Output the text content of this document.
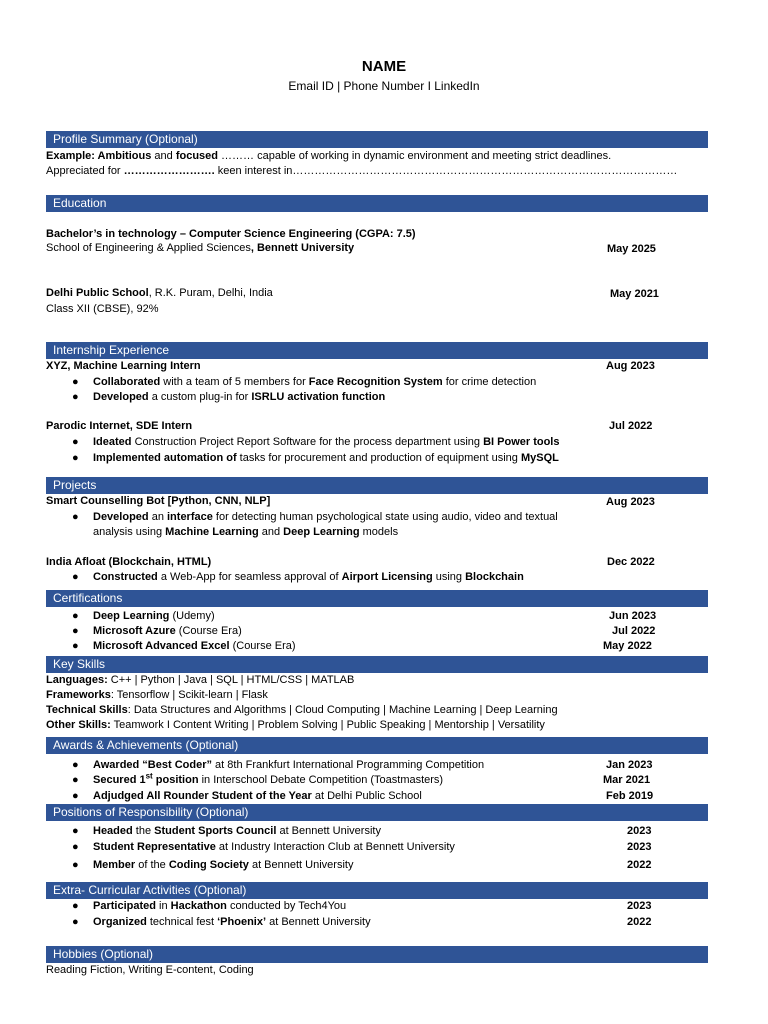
NAME
Email ID | Phone Number I LinkedIn
Profile Summary (Optional)
Example: Ambitious and focused ……… capable of working in dynamic environment and meeting strict deadlines.
Appreciated for ……………………. keen interest in……………………………………………………………………………………………
Education
Bachelor’s in technology – Computer Science Engineering (CGPA: 7.5)
School of Engineering & Applied Sciences, Bennett University	May 2025
Delhi Public School, R.K. Puram, Delhi, India	May 2021
Class XII (CBSE), 92%
Internship Experience
XYZ, Machine Learning Intern	Aug 2023
● Collaborated with a team of 5 members for Face Recognition System for crime detection
● Developed a custom plug-in for ISRLU activation function
Parodic Internet, SDE Intern	Jul 2022
● Ideated Construction Project Report Software for the process department using BI Power tools
● Implemented automation of tasks for procurement and production of equipment using MySQL
Projects
Smart Counselling Bot [Python, CNN, NLP]	Aug 2023
● Developed an interface for detecting human psychological state using audio, video and textual
analysis using Machine Learning and Deep Learning models
India Afloat (Blockchain, HTML)	Dec 2022
● Constructed a Web-App for seamless approval of Airport Licensing using Blockchain
Certifications
● Deep Learning (Udemy)	Jun 2023
● Microsoft Azure (Course Era)	Jul 2022
● Microsoft Advanced Excel (Course Era)	May 2022
Key Skills
Languages: C++ | Python | Java | SQL | HTML/CSS | MATLAB
Frameworks: Tensorflow | Scikit-learn | Flask
Technical Skills: Data Structures and Algorithms | Cloud Computing | Machine Learning | Deep Learning
Other Skills: Teamwork I Content Writing | Problem Solving | Public Speaking | Mentorship | Versatility
Awards & Achievements (Optional)
● Awarded “Best Coder” at 8th Frankfurt International Programming Competition	Jan 2023
● Secured 1st position in Interschool Debate Competition (Toastmasters)	Mar 2021
● Adjudged All Rounder Student of the Year at Delhi Public School	Feb 2019
Positions of Responsibility (Optional)
● Headed the Student Sports Council at Bennett University	2023
● Student Representative at Industry Interaction Club at Bennett University	2023
● Member of the Coding Society at Bennett University	2022
Extra- Curricular Activities (Optional)
● Participated in Hackathon conducted by Tech4You	2023
● Organized technical fest ‘Phoenix’ at Bennett University	2022
Hobbies (Optional)
Reading Fiction, Writing E-content, Coding
